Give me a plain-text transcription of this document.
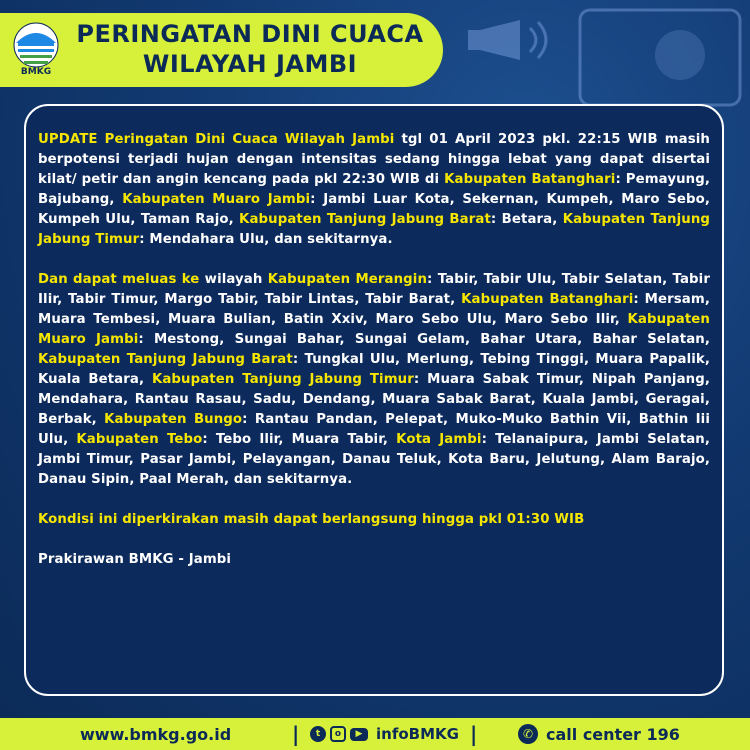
BMKG
PERINGATAN DINI CUACA
WILAYAH JAMBI

UPDATE Peringatan Dini Cuaca Wilayah Jambi tgl 01 April 2023 pkl. 22:15 WIB masih berpotensi terjadi hujan dengan intensitas sedang hingga lebat yang dapat disertai kilat/ petir dan angin kencang pada pkl 22:30 WIB di Kabupaten Batanghari: Pemayung, Bajubang, Kabupaten Muaro Jambi: Jambi Luar Kota, Sekernan, Kumpeh, Maro Sebo, Kumpeh Ulu, Taman Rajo, Kabupaten Tanjung Jabung Barat: Betara, Kabupaten Tanjung Jabung Timur: Mendahara Ulu, dan sekitarnya.

Dan dapat meluas ke wilayah Kabupaten Merangin: Tabir, Tabir Ulu, Tabir Selatan, Tabir Ilir, Tabir Timur, Margo Tabir, Tabir Lintas, Tabir Barat, Kabupaten Batanghari: Mersam, Muara Tembesi, Muara Bulian, Batin Xxiv, Maro Sebo Ulu, Maro Sebo Ilir, Kabupaten Muaro Jambi: Mestong, Sungai Bahar, Sungai Gelam, Bahar Utara, Bahar Selatan, Kabupaten Tanjung Jabung Barat: Tungkal Ulu, Merlung, Tebing Tinggi, Muara Papalik, Kuala Betara, Kabupaten Tanjung Jabung Timur: Muara Sabak Timur, Nipah Panjang, Mendahara, Rantau Rasau, Sadu, Dendang, Muara Sabak Barat, Kuala Jambi, Geragai, Berbak, Kabupaten Bungo: Rantau Pandan, Pelepat, Muko-Muko Bathin Vii, Bathin Iii Ulu, Kabupaten Tebo: Tebo Ilir, Muara Tabir, Kota Jambi: Telanaipura, Jambi Selatan, Jambi Timur, Pasar Jambi, Pelayangan, Danau Teluk, Kota Baru, Jelutung, Alam Barajo, Danau Sipin, Paal Merah, dan sekitarnya.

Kondisi ini diperkirakan masih dapat berlangsung hingga pkl 01:30 WIB

Prakirawan BMKG - Jambi

www.bmkg.go.id	|	t	o	▶ infoBMKG |	✆ call center 196
